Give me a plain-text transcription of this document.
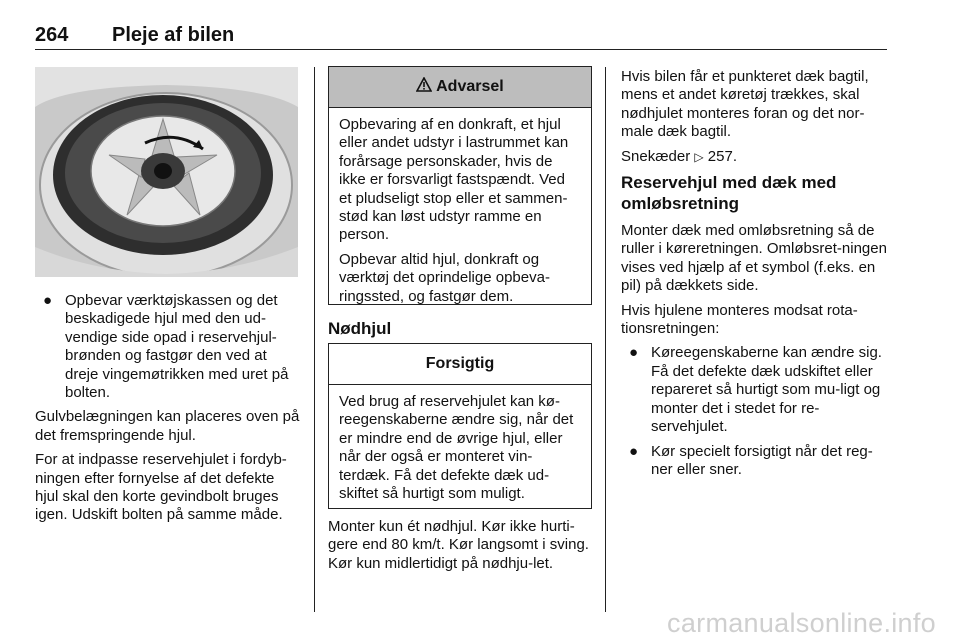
264 Pleje af bilen
● Opbevar værktøjskassen og det beskadigede hjul med den ud-vendige side opad i reservehjul-brønden og fastgør den ved at dreje vingemøtrikken med uret på bolten.

Gulvbelægningen kan placeres oven på det fremspringende hjul.

For at indpasse reservehjulet i fordyb-ningen efter fornyelse af det defekte hjul skal den korte gevindbolt bruges igen. Udskift bolten på samme måde.

Advarsel

Opbevaring af en donkraft, et hjul eller andet udstyr i lastrummet kan forårsage personskader, hvis de ikke er forsvarligt fastspændt. Ved et pludseligt stop eller et sammen-stød kan løst udstyr ramme en person.

Opbevar altid hjul, donkraft og værktøj det oprindelige opbeva-ringssted, og fastgør dem.

Nødhjul
Forsigtig

Ved brug af reservehjulet kan kø-reegenskaberne ændre sig, når det er mindre end de øvrige hjul, eller når der også er monteret vin-terdæk. Få det defekte dæk ud-skiftet så hurtigt som muligt.

Monter kun ét nødhjul. Kør ikke hurti-gere end 80 km/t. Kør langsomt i sving. Kør kun midlertidigt på nødhju-let.

Hvis bilen får et punkteret dæk bagtil, mens et andet køretøj trækkes, skal nødhjulet monteres foran og det nor-male dæk bagtil.

Snekæder ▷ 257.

Reservehjul med dæk med omløbsretning

Monter dæk med omløbsretning så de ruller i køreretningen. Omløbsret-ningen vises ved hjælp af et symbol (f.eks. en pil) på dækkets side.

Hvis hjulene monteres modsat rota-tionsretningen:

● Køreegenskaberne kan ændre sig. Få det defekte dæk udskiftet eller repareret så hurtigt som mu-ligt og monter det i stedet for re-servehjulet.
● Kør specielt forsigtigt når det reg-ner eller sner.
carmanualsonline.info
